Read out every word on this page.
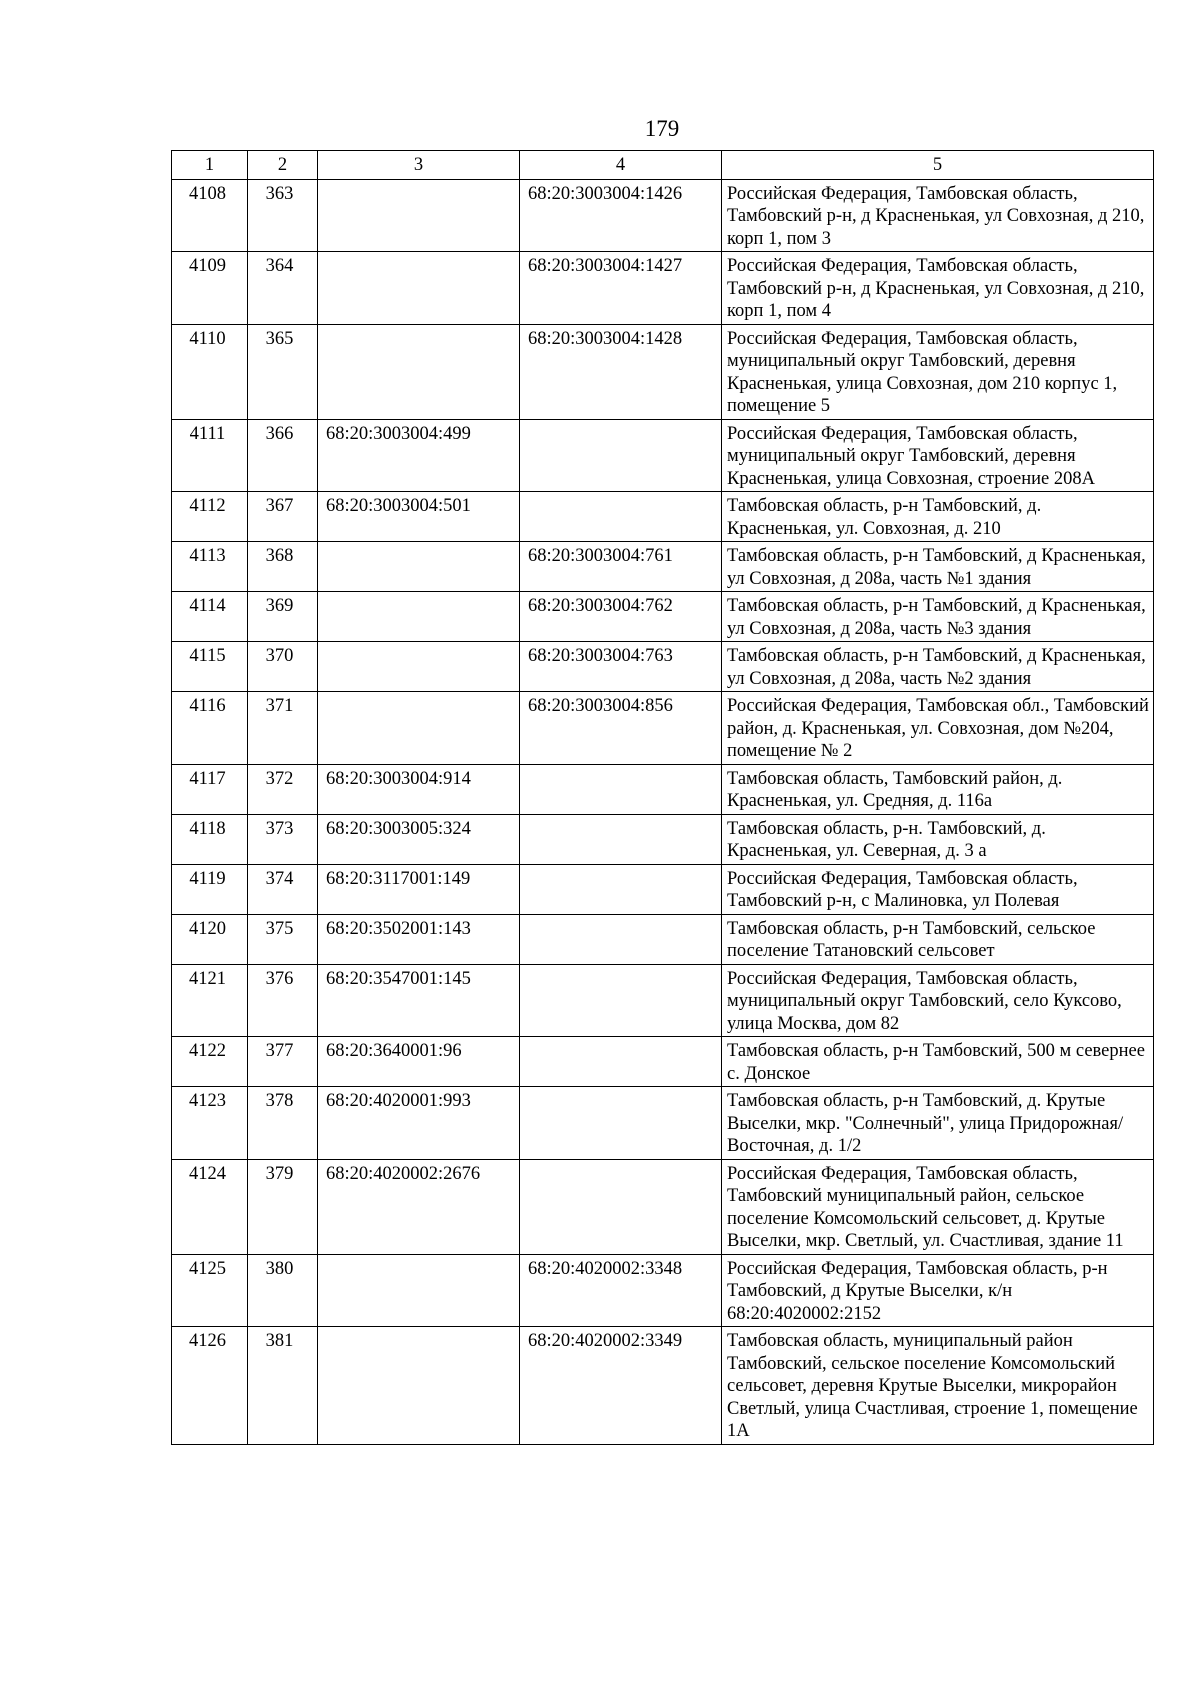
179
1	2	3	4	5
4108	363		68:20:3003004:1426	Российская Федерация, Тамбовская область, Тамбовский р-н, д Красненькая, ул Совхозная, д 210, корп 1, пом 3
4109	364		68:20:3003004:1427	Российская Федерация, Тамбовская область, Тамбовский р-н, д Красненькая, ул Совхозная, д 210, корп 1, пом 4
4110	365		68:20:3003004:1428	Российская Федерация, Тамбовская область, муниципальный округ Тамбовский, деревня Красненькая, улица Совхозная, дом 210 корпус 1, помещение 5
4111	366	68:20:3003004:499		Российская Федерация, Тамбовская область, муниципальный округ Тамбовский, деревня Красненькая, улица Совхозная, строение 208А
4112	367	68:20:3003004:501		Тамбовская область, р-н Тамбовский, д. Красненькая, ул. Совхозная, д. 210
4113	368		68:20:3003004:761	Тамбовская область, р-н Тамбовский, д Красненькая, ул Совхозная, д 208а, часть №1 здания
4114	369		68:20:3003004:762	Тамбовская область, р-н Тамбовский, д Красненькая, ул Совхозная, д 208а, часть №3 здания
4115	370		68:20:3003004:763	Тамбовская область, р-н Тамбовский, д Красненькая, ул Совхозная, д 208а, часть №2 здания
4116	371		68:20:3003004:856	Российская Федерация, Тамбовская обл., Тамбовский район, д. Красненькая, ул. Совхозная, дом №204, помещение № 2
4117	372	68:20:3003004:914		Тамбовская область, Тамбовский район, д. Красненькая, ул. Средняя, д. 116а
4118	373	68:20:3003005:324		Тамбовская область, р-н. Тамбовский, д. Красненькая, ул. Северная, д. 3 а
4119	374	68:20:3117001:149		Российская Федерация, Тамбовская область, Тамбовский р-н, с Малиновка, ул Полевая
4120	375	68:20:3502001:143		Тамбовская область, р-н Тамбовский, сельское поселение Татановский сельсовет
4121	376	68:20:3547001:145		Российская Федерация, Тамбовская область, муниципальный округ Тамбовский, село Куксово, улица Москва, дом 82
4122	377	68:20:3640001:96		Тамбовская область, р-н Тамбовский, 500 м севернее с. Донское
4123	378	68:20:4020001:993		Тамбовская область, р-н Тамбовский, д. Крутые Выселки, мкр. "Солнечный", улица Придорожная/Восточная, д. 1/2
4124	379	68:20:4020002:2676		Российская Федерация, Тамбовская область, Тамбовский муниципальный район, сельское поселение Комсомольский сельсовет, д. Крутые Выселки, мкр. Светлый, ул. Счастливая, здание 11
4125	380		68:20:4020002:3348	Российская Федерация, Тамбовская область, р-н Тамбовский, д Крутые Выселки, к/н 68:20:4020002:2152
4126	381		68:20:4020002:3349	Тамбовская область, муниципальный район Тамбовский, сельское поселение Комсомольский сельсовет, деревня Крутые Выселки, микрорайон Светлый, улица Счастливая, строение 1, помещение 1А
